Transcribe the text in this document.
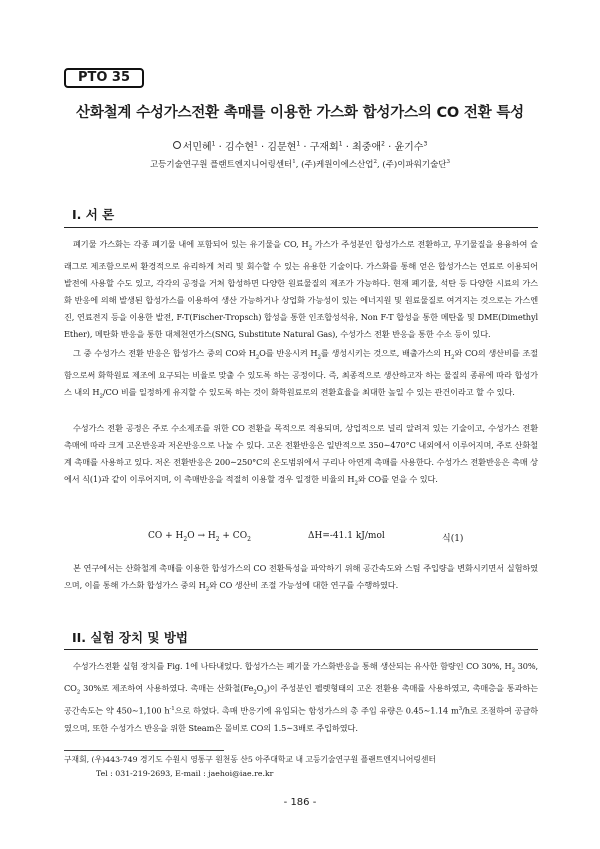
PTO 35
산화철계 수성가스전환 촉매를 이용한 가스화 합성가스의 CO 전환 특성
서민혜$^1$ · 김수현$^1$ · 김문현$^1$ · 구재회$^1$ · 최중애$^2$ · 윤기수$^3$
고등기술연구원 플랜트엔지니어링센터$^1$, (주)케원이에스산업$^2$, (주)이파워기술단$^3$
I. 서 론
폐기물 가스화는 각종 폐기물 내에 포함되어 있는 유기물을 CO, $H_2$ 가스가 주성분인 합성가스로 전환하고, 무기물질을 용융하여 슬래그로 제조함으로써 환경적으로 유리하게 처리 및 회수할 수 있는 유용한 기술이다. 가스화를 통해 얻은 합성가스는 연료로 이용되어 발전에 사용할 수도 있고, 각각의 공정을 거쳐 합성하면 다양한 원료물질의 제조가 가능하다. 현재 폐기물, 석탄 등 다양한 시료의 가스화 반응에 의해 발생된 합성가스를 이용하여 생산 가능하거나 상업화 가능성이 있는 에너지원 및 원료물질로 여겨지는 것으로는 가스엔진, 연료전지 등을 이용한 발전, F-T(Fischer-Tropsch) 합성을 통한 인조합성석유, Non F-T 합성을 통한 메탄올 및 DME(Dimethyl Ether), 메탄화 반응을 통한 대체천연가스(SNG, Substitute Natural Gas), 수성가스 전환 반응을 통한 수소 등이 있다.
그 중 수성가스 전환 반응은 합성가스 중의 CO와 $H_2O$를 반응시켜 $H_2$를 생성시키는 것으로, 배출가스의 $H_2$와 CO의 생산비를 조절함으로써 화학원료 제조에 요구되는 비율로 맞출 수 있도록 하는 공정이다. 즉, 최종적으로 생산하고자 하는 물질의 종류에 따라 합성가스 내의 $H_2/CO$ 비를 일정하게 유지할 수 있도록 하는 것이 화학원료로의 전환효율을 최대한 높일 수 있는 관건이라고 할 수 있다.
수성가스 전환 공정은 주로 수소제조를 위한 CO 전환을 목적으로 적용되며, 상업적으로 널리 알려져 있는 기술이고, 수성가스 전환 촉매에 따라 크게 고온반응과 저온반응으로 나눌 수 있다. 고온 전환반응은 일반적으로 350∼470°C 내외에서 이루어지며, 주로 산화철계 촉매를 사용하고 있다. 저온 전환반응은 200∼250°C의 온도범위에서 구리나 아연계 촉매를 사용한다. 수성가스 전환반응은 촉매 상에서 식(1)과 같이 이루어지며, 이 촉매반응을 적절히 이용할 경우 일정한 비율의 $H_2$와 CO를 얻을 수 있다.
CO + $H_2O \to H_2 + CO_2$	ΔH=-41.1 kJ/mol	식(1)
본 연구에서는 산화철계 촉매를 이용한 합성가스의 CO 전환특성을 파악하기 위해 공간속도와 스팀 주입량을 변화시키면서 실험하였으며, 이를 통해 가스화 합성가스 중의 $H_2$와 CO 생산비 조절 가능성에 대한 연구를 수행하였다.
II. 실험 장치 및 방법
수성가스전환 실험 장치를 Fig. 1에 나타내었다. 합성가스는 폐기물 가스화반응을 통해 생산되는 유사한 함량인 CO 30%, $H_2$ 30%, $CO_2$ 30%로 제조하여 사용하였다. 촉매는 산화철$(Fe_2O_3)$이 주성분인 펠렛형태의 고온 전환용 촉매를 사용하였고, 촉매층을 통과하는 공간속도는 약 450∼1,100 $h^{-1}$으로 하였다. 촉매 반응기에 유입되는 합성가스의 총 주입 유량은 0.45∼1.14 $m^3/h$로 조절하여 공급하였으며, 또한 수성가스 반응을 위한 Steam은 몰비로 CO의 1.5∼3배로 주입하였다.
구재회, (우)443-749 경기도 수원시 영통구 원천동 산5 아주대학교 내 고등기술연구원 플랜트엔지니어링센터
Tel : 031-219-2693, E-mail : jaehoi@iae.re.kr
- 186 -
